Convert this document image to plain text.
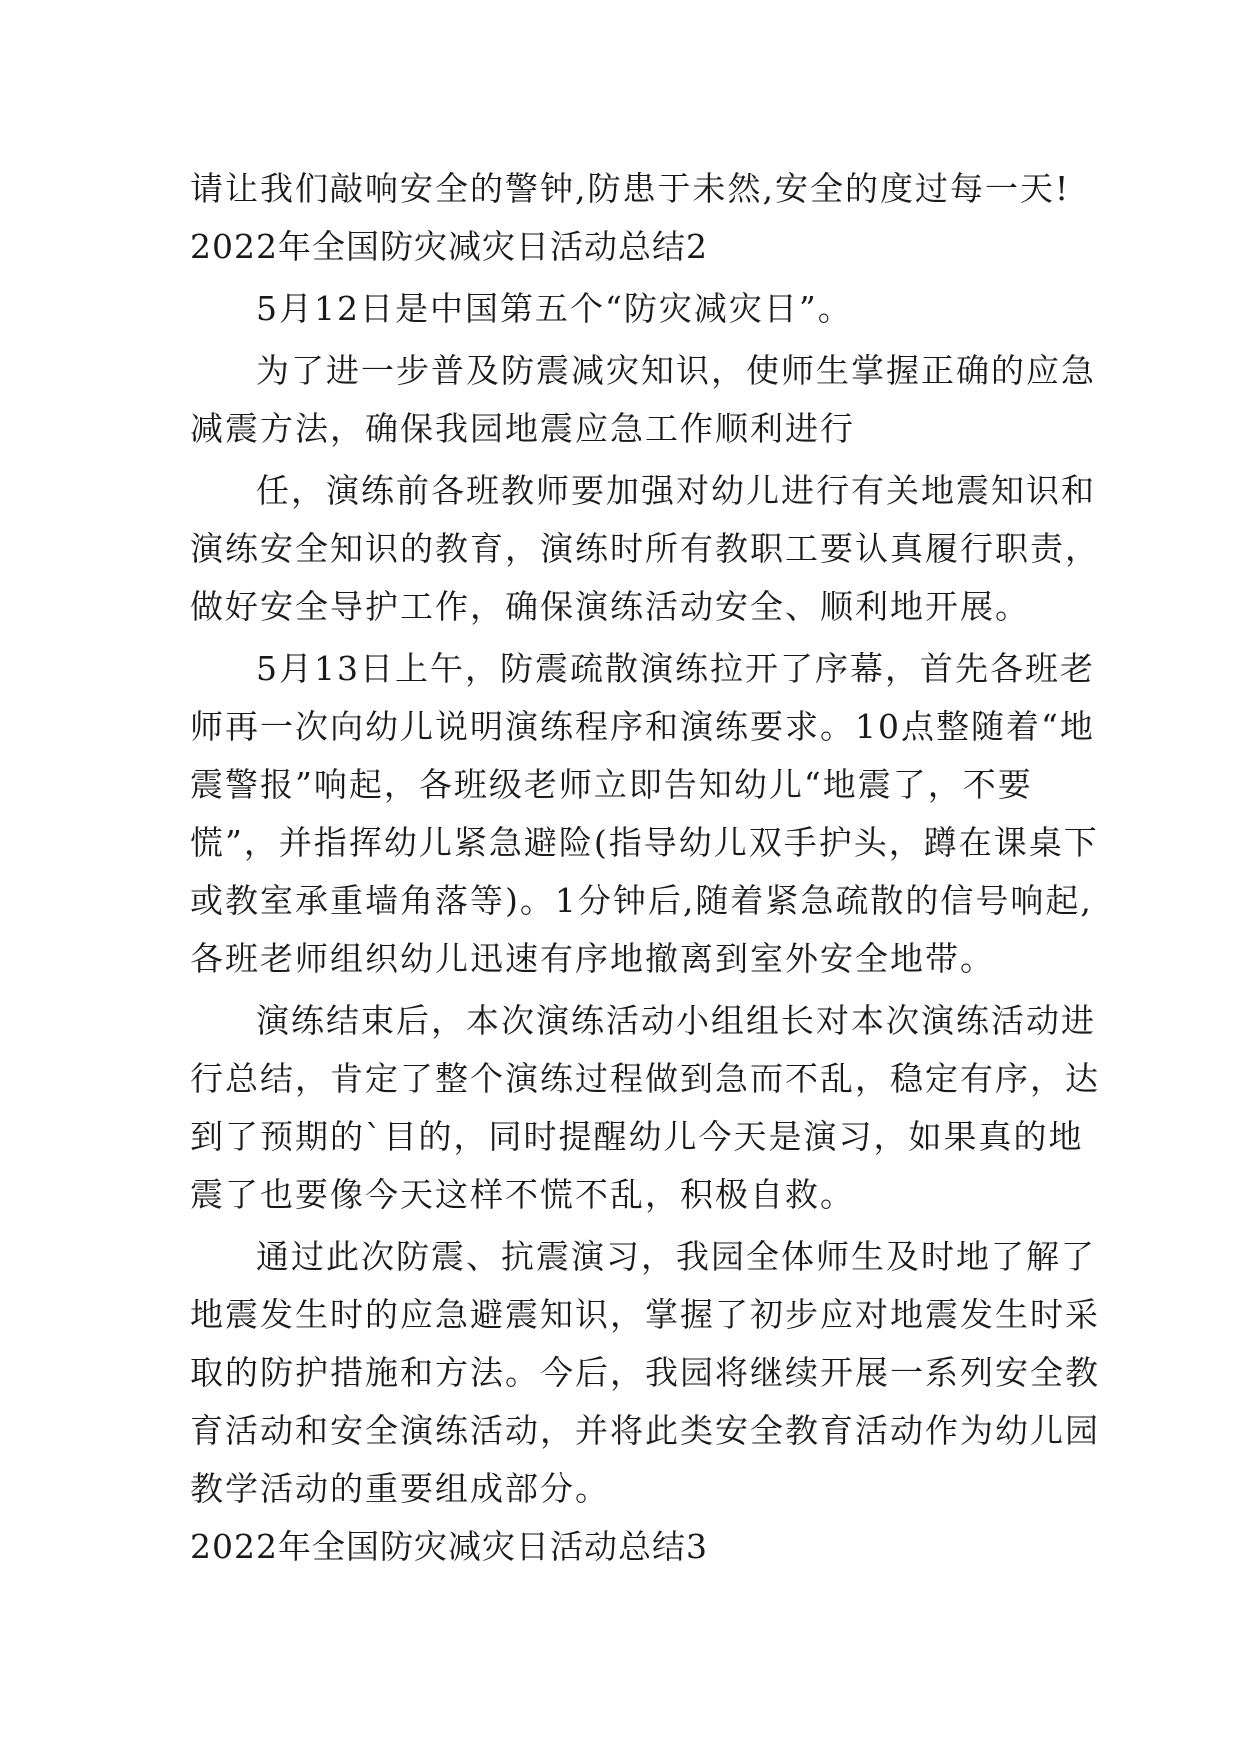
请让我们敲响安全的警钟,防患于未然,安全的度过每一天!
2022年全国防灾减灾日活动总结2
5月12日是中国第五个“防灾减灾日”。
为了进一步普及防震减灾知识，使师生掌握正确的应急
减震方法，确保我园地震应急工作顺利进行
任，演练前各班教师要加强对幼儿进行有关地震知识和
演练安全知识的教育，演练时所有教职工要认真履行职责，
做好安全导护工作，确保演练活动安全、顺利地开展。
5月13日上午，防震疏散演练拉开了序幕，首先各班老
师再一次向幼儿说明演练程序和演练要求。10点整随着“地
震警报”响起，各班级老师立即告知幼儿“地震了，不要
慌”，并指挥幼儿紧急避险(指导幼儿双手护头，蹲在课桌下
或教室承重墙角落等)。1分钟后,随着紧急疏散的信号响起,
各班老师组织幼儿迅速有序地撤离到室外安全地带。
演练结束后，本次演练活动小组组长对本次演练活动进
行总结，肯定了整个演练过程做到急而不乱，稳定有序，达
到了预期的`目的，同时提醒幼儿今天是演习，如果真的地
震了也要像今天这样不慌不乱，积极自救。
通过此次防震、抗震演习，我园全体师生及时地了解了
地震发生时的应急避震知识，掌握了初步应对地震发生时采
取的防护措施和方法。今后，我园将继续开展一系列安全教
育活动和安全演练活动，并将此类安全教育活动作为幼儿园
教学活动的重要组成部分。
2022年全国防灾减灾日活动总结3
